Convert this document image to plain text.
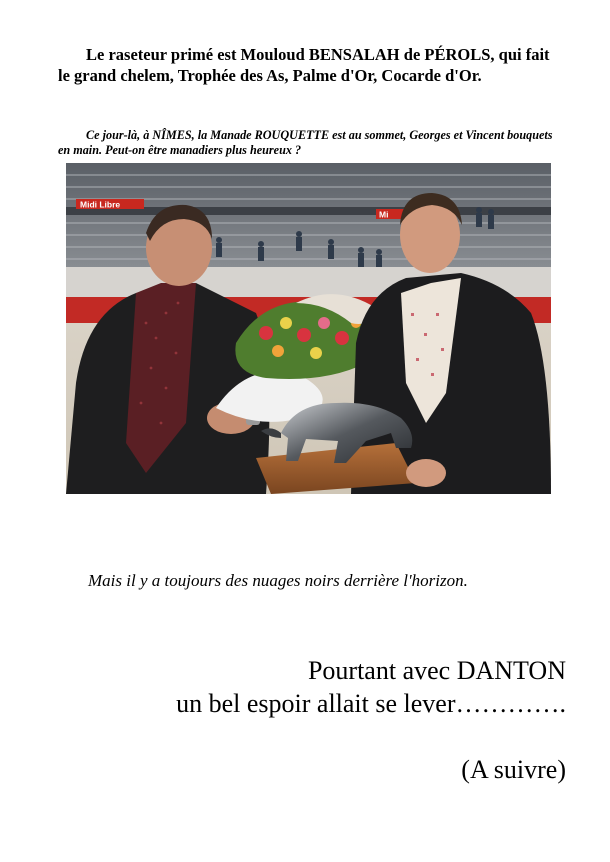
Le raseteur primé est Mouloud BENSALAH de PÉROLS, qui fait le grand chelem, Trophée des As, Palme d'Or, Cocarde d'Or.

Ce jour-là, à NÎMES, la Manade ROUQUETTE est au sommet, Georges et Vincent bouquets en main. Peut-on être manadiers plus heureux ?

Midi Libre
Mi

Mais il y a toujours des nuages noirs derrière l'horizon.

Pourtant avec DANTON
un bel espoir allait se lever………….

(A suivre)
